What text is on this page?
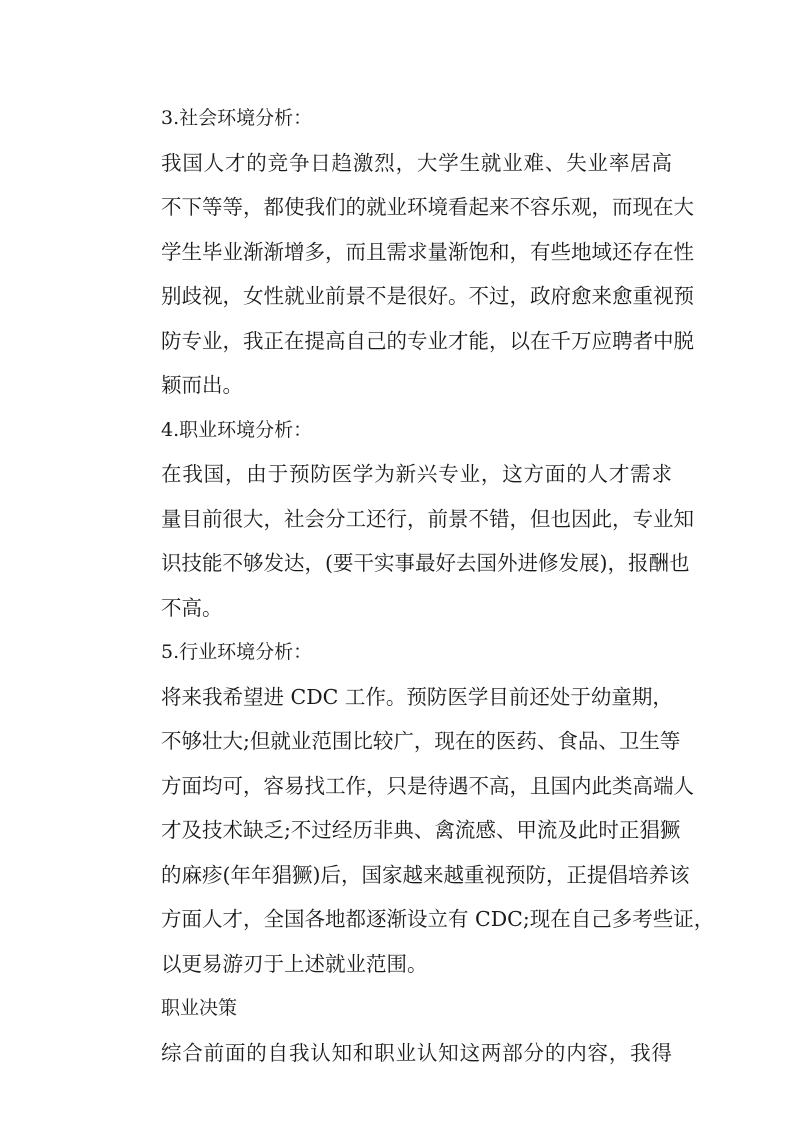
3.社会环境分析：
我国人才的竞争日趋激烈，大学生就业难、失业率居高
不下等等，都使我们的就业环境看起来不容乐观，而现在大
学生毕业渐渐增多，而且需求量渐饱和，有些地域还存在性
别歧视，女性就业前景不是很好。不过，政府愈来愈重视预
防专业，我正在提高自己的专业才能，以在千万应聘者中脱
颖而出。
4.职业环境分析：
在我国，由于预防医学为新兴专业，这方面的人才需求
量目前很大，社会分工还行，前景不错，但也因此，专业知
识技能不够发达，(要干实事最好去国外进修发展)，报酬也
不高。
5.行业环境分析：
将来我希望进 CDC 工作。预防医学目前还处于幼童期，
不够壮大;但就业范围比较广，现在的医药、食品、卫生等
方面均可，容易找工作，只是待遇不高，且国内此类高端人
才及技术缺乏;不过经历非典、禽流感、甲流及此时正猖獗
的麻疹(年年猖獗)后，国家越来越重视预防，正提倡培养该
方面人才，全国各地都逐渐设立有 CDC;现在自己多考些证，
以更易游刃于上述就业范围。
职业决策
综合前面的自我认知和职业认知这两部分的内容，我得
